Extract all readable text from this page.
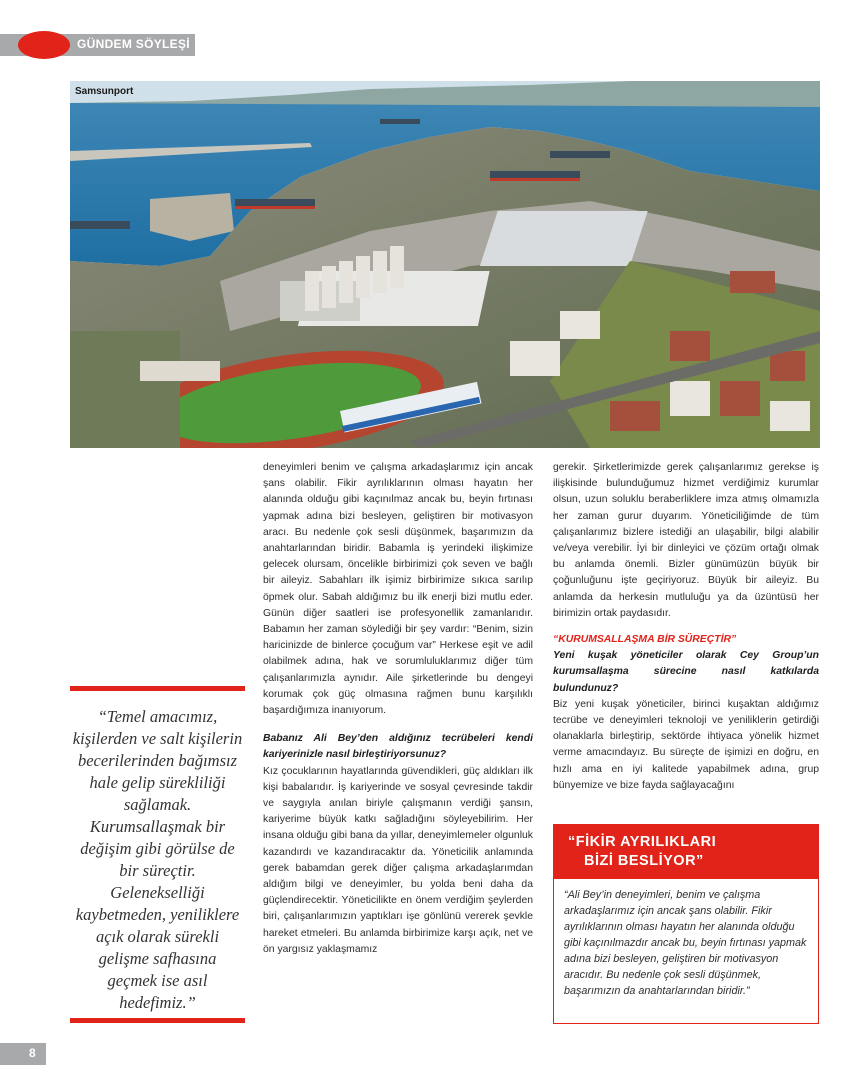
GÜNDEM SÖYLEŞİ
Samsunport
“Temel amacımız, kişilerden ve salt kişilerin becerilerinden bağımsız hale gelip sürekliliği sağlamak. Kurumsallaşmak bir değişim gibi görülse de bir süreçtir. Gelenekselliği kaybetmeden, yeniliklere açık olarak sürekli gelişme safhasına geçmek ise asıl hedefimiz.”

deneyimleri benim ve çalışma arkadaşlarımız için ancak şans olabilir. Fikir ayrılıklarının olması hayatın her alanında olduğu gibi kaçınılmaz ancak bu, beyin fırtınası yapmak adına bizi besleyen, geliştiren bir motivasyon aracı. Bu nedenle çok sesli düşünmek, başarımızın da anahtarlarından biridir. Babamla iş yerindeki ilişkimize gelecek olursam, öncelikle birbirimizi çok seven ve bağlı bir aileyiz. Sabahları ilk işimiz birbirimize sıkıca sarılıp öpmek olur. Sabah aldığımız bu ilk enerji bizi mutlu eder. Günün diğer saatleri ise profesyonellik zamanlarıdır. Babamın her zaman söylediği bir şey vardır: “Benim, sizin haricinizde de binlerce çocuğum var” Herkese eşit ve adil olabilmek adına, hak ve sorumluluklarımız diğer tüm çalışanlarımızla aynıdır. Aile şirketlerinde bu dengeyi korumak çok güç olmasına rağmen bunu karşılıklı başardığımıza inanıyorum.

Babanız Ali Bey’den aldığınız tecrübeleri kendi kariyerinizle nasıl birleştiriyorsunuz?

Kız çocuklarının hayatlarında güvendikleri, güç aldıkları ilk kişi babalarıdır. İş kariyerinde ve sosyal çevresinde takdir ve saygıyla anılan biriyle çalışmanın verdiği şansın, kariyerime büyük katkı sağladığını söyleyebilirim. Her insana olduğu gibi bana da yıllar, deneyimlemeler olgunluk kazandırdı ve kazandıracaktır da. Yöneticilik anlamında gerek babamdan gerek diğer çalışma arkadaşlarımdan aldığım bilgi ve deneyimler, bu yolda beni daha da güçlendirecektir. Yöneticilikte en önem verdiğim şeylerden biri, çalışanlarımızın yaptıkları işe gönlünü vererek şevkle hareket etmeleri. Bu anlamda birbirimize karşı açık, net ve ön yargısız yaklaşmamız

gerekir. Şirketlerimizde gerek çalışanlarımız gerekse iş ilişkisinde bulunduğumuz hizmet verdiğimiz kurumlar olsun, uzun soluklu beraberliklere imza atmış olmamızla her zaman gurur duyarım. Yöneticiliğimde de tüm çalışanlarımız bizlere istediği an ulaşabilir, bilgi alabilir ve/veya verebilir. İyi bir dinleyici ve çözüm ortağı olmak bu anlamda önemli. Bizler günümüzün büyük bir çoğunluğunu işte geçiriyoruz. Büyük bir aileyiz. Bu anlamda da herkesin mutluluğu ya da üzüntüsü her birimizin ortak paydasıdır.

“KURUMSALLAŞMA BİR SÜREÇTİR”

Yeni kuşak yöneticiler olarak Cey Group’un kurumsallaşma sürecine nasıl katkılarda bulundunuz?

Biz yeni kuşak yöneticiler, birinci kuşaktan aldığımız tecrübe ve deneyimleri teknoloji ve yeniliklerin getirdiği olanaklarla birleştirip, sektörde ihtiyaca yönelik hizmet verme amacındayız. Bu süreçte de işimizi en doğru, en hızlı ama en iyi kalitede yapabilmek adına, grup bünyemize ve bize fayda sağlayacağını

“FİKİR AYRILIKLARI
BİZİ BESLİYOR”
“Ali Bey’in deneyimleri, benim ve çalışma arkadaşlarımız için ancak şans olabilir. Fikir ayrılıklarının olması hayatın her alanında olduğu gibi kaçınılmazdır ancak bu, beyin fırtınası yapmak adına bizi besleyen, geliştiren bir motivasyon aracıdır. Bu nedenle çok sesli düşünmek, başarımızın da anahtarlarından biridir.”
8
